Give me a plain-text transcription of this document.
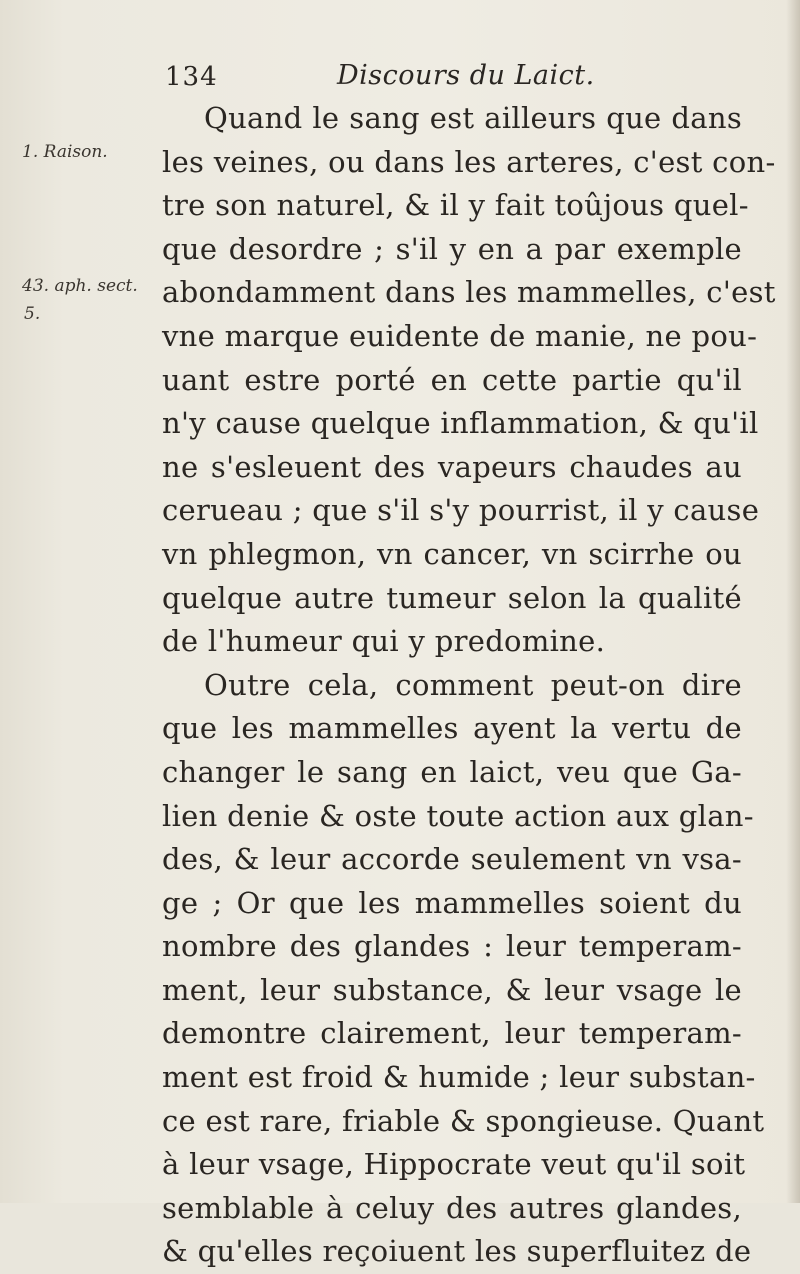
134	Discours du Laict.
1. Raison.
43. aph. sect.
5.
Quand le sang est ailleurs que dans
les veines, ou dans les arteres, c'est con-
tre son naturel, & il y fait toûjous quel-
que desordre ; s'il y en a par exemple
abondamment dans les mammelles, c'est
vne marque euidente de manie, ne pou-
uant estre porté en cette partie qu'il
n'y cause quelque inflammation, & qu'il
ne s'esleuent des vapeurs chaudes au
cerueau ; que s'il s'y pourrist, il y cause
vn phlegmon, vn cancer, vn scirrhe ou
quelque autre tumeur selon la qualité
de l'humeur qui y predomine.
Outre cela, comment peut-on dire
que les mammelles ayent la vertu de
changer le sang en laict, veu que Ga-
lien denie & oste toute action aux glan-
des, & leur accorde seulement vn vsa-
ge ; Or que les mammelles soient du
nombre des glandes : leur temperam-
ment, leur substance, & leur vsage le
demontre clairement, leur temperam-
ment est froid & humide ; leur substan-
ce est rare, friable & spongieuse. Quant
à leur vsage, Hippocrate veut qu'il soit
semblable à celuy des autres glandes,
& qu'elles reçoiuent les superfluitez de
